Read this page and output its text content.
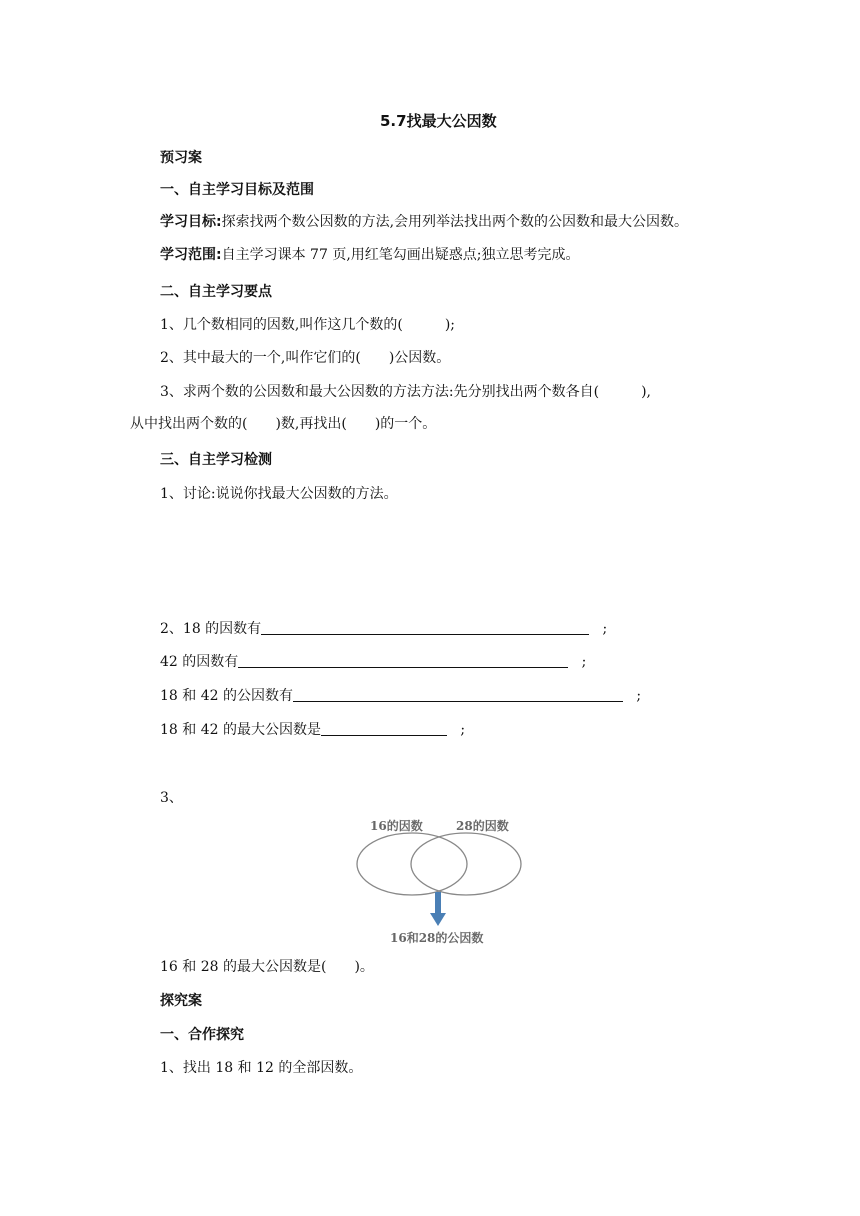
5.7找最大公因数
预习案
一、自主学习目标及范围
学习目标:探索找两个数公因数的方法,会用列举法找出两个数的公因数和最大公因数。
学习范围:自主学习课本 77 页,用红笔勾画出疑惑点;独立思考完成。
二、自主学习要点
1、几个数相同的因数,叫作这几个数的(　　　);
2、其中最大的一个,叫作它们的(　　)公因数。
3、求两个数的公因数和最大公因数的方法方法:先分别找出两个数各自(　　　),
从中找出两个数的(　　)数,再找出(　　)的一个。
三、自主学习检测
1、讨论:说说你找最大公因数的方法。
2、18 的因数有	;
42 的因数有	;
18 和 42 的公因数有	;
18 和 42 的最大公因数是	;
3、
16的因数	28的因数
16和28的公因数
16 和 28 的最大公因数是(　　)。
探究案
一、合作探究
1、找出 18 和 12 的全部因数。
